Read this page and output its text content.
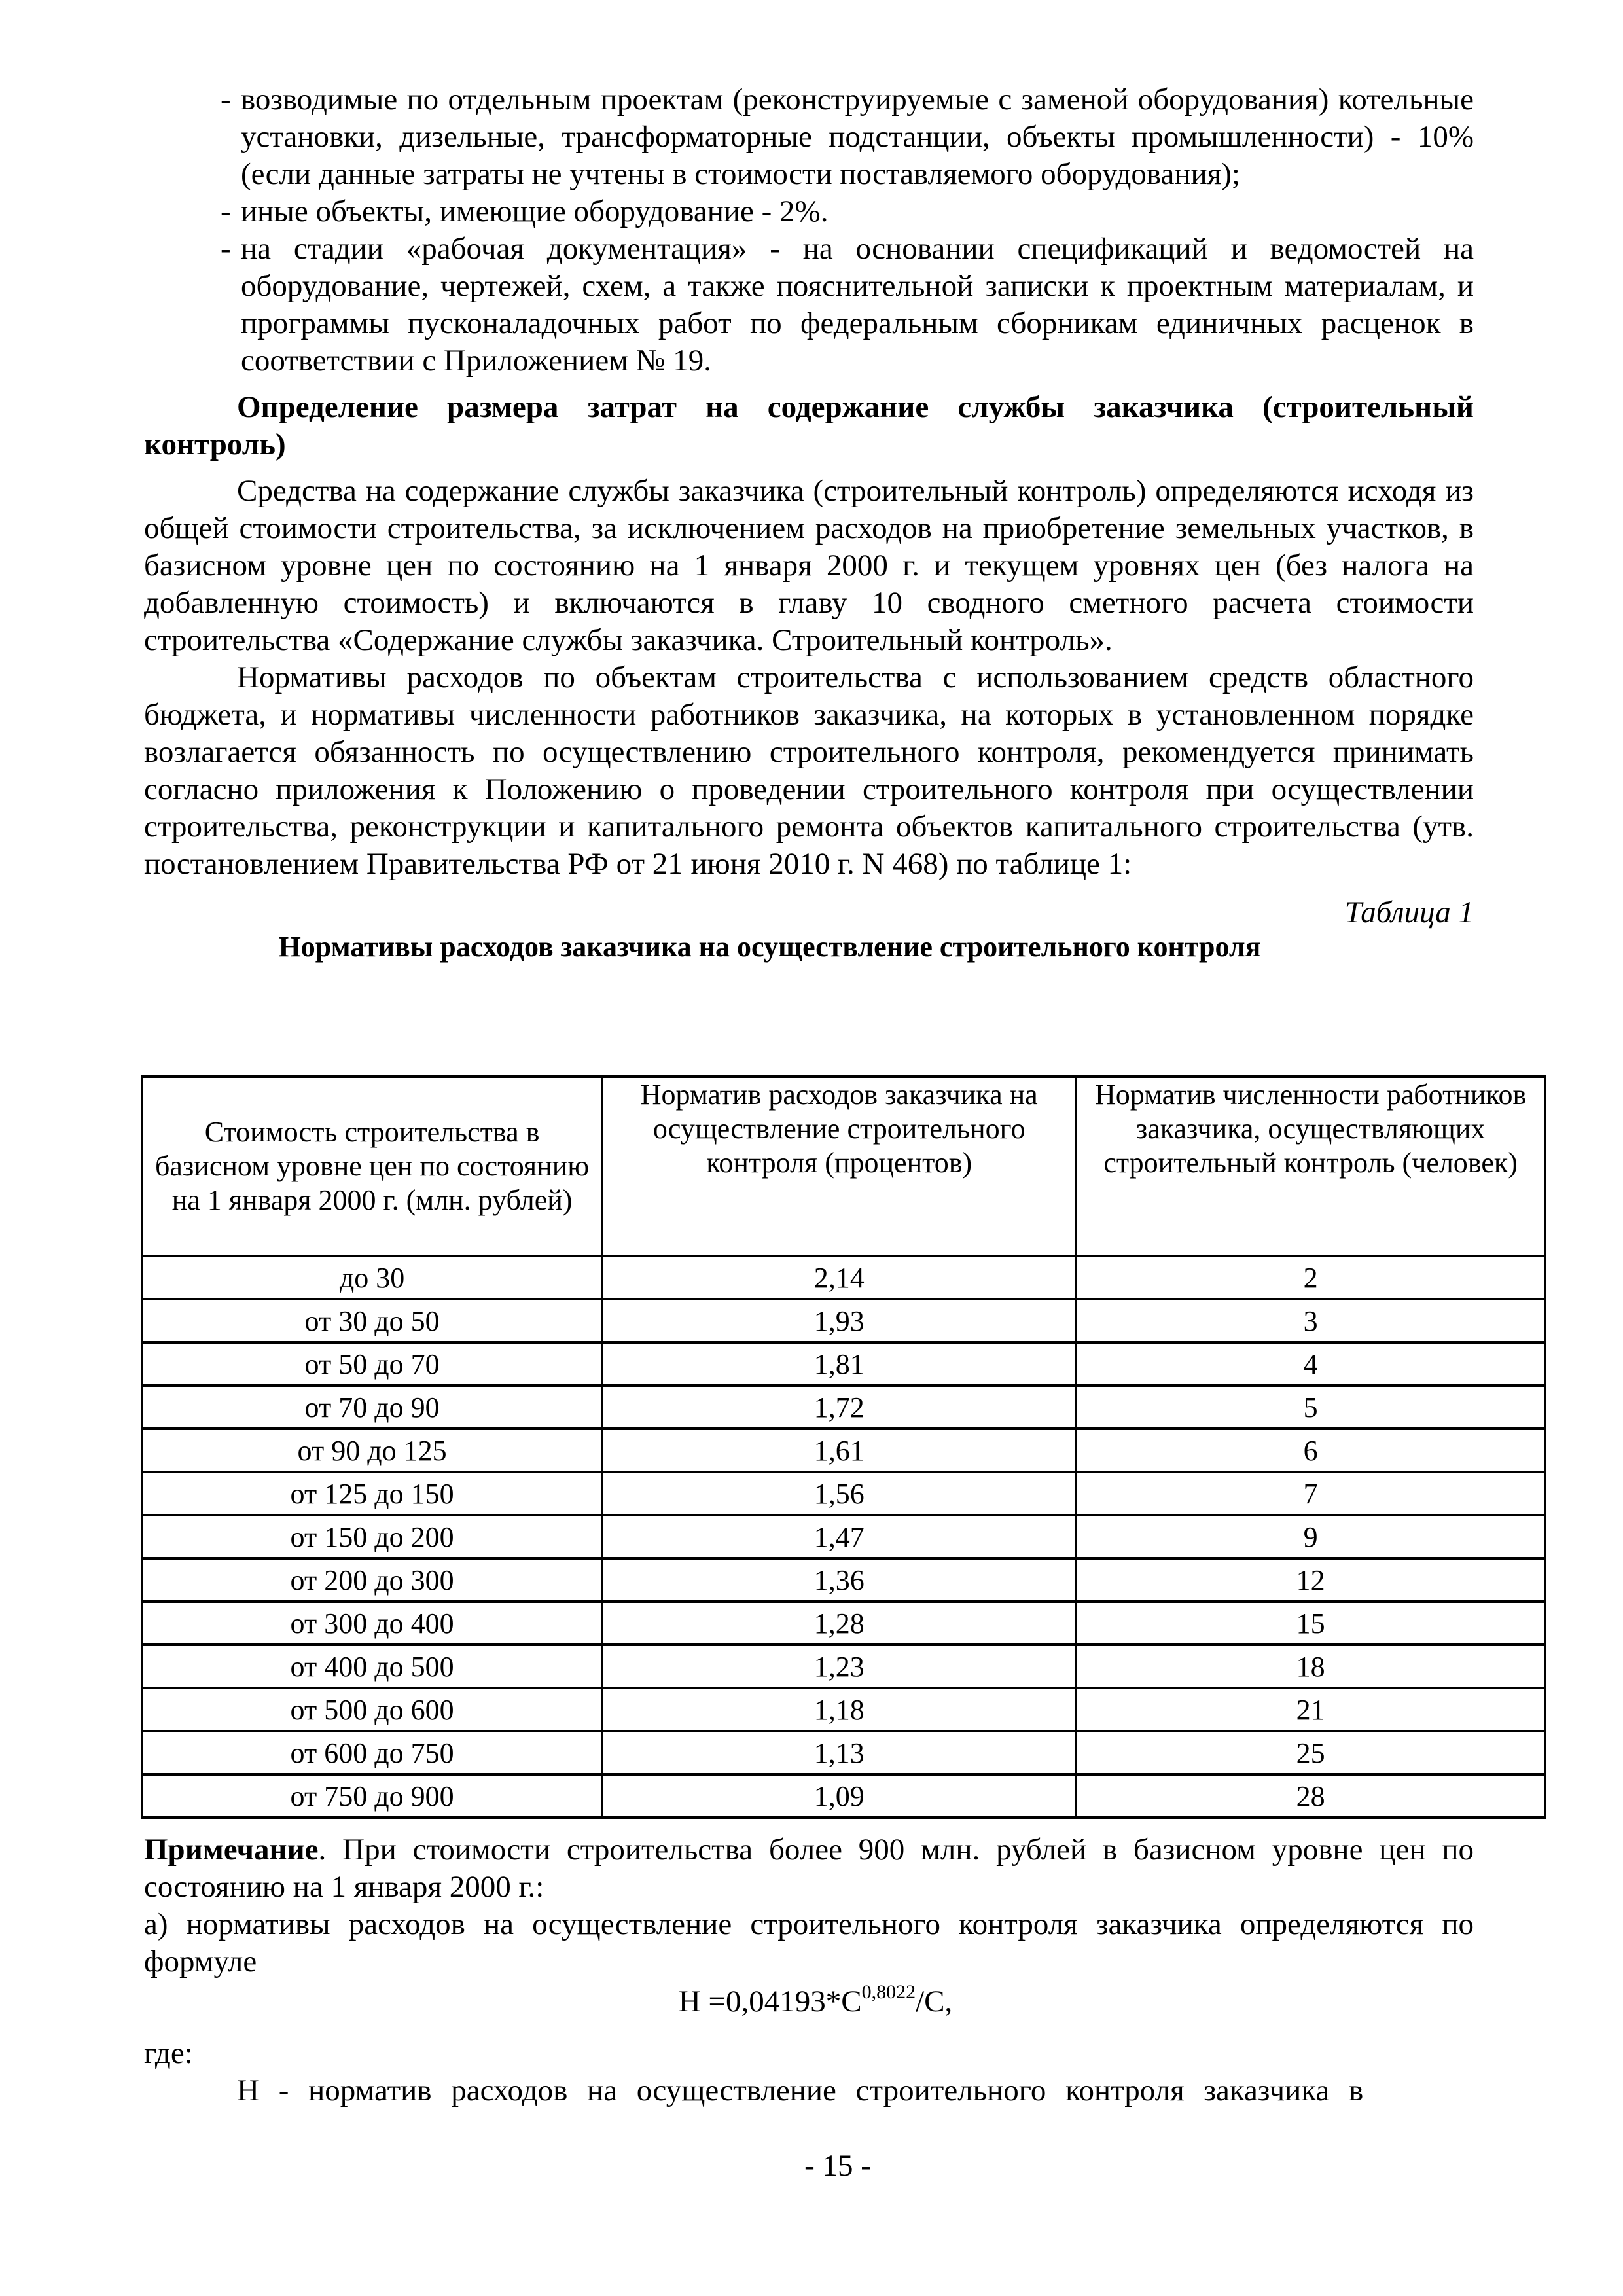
- возводимые по отдельным проектам (реконструируемые с заменой оборудования) котельные установки, дизельные, трансформаторные подстанции, объекты промышленности) - 10% (если данные затраты не учтены в стоимости поставляемого оборудования);
- иные объекты, имеющие оборудование - 2%.
- на стадии «рабочая документация» - на основании спецификаций и ведомостей на оборудование, чертежей, схем, а также пояснительной записки к проектным материалам, и программы пусконаладочных работ по федеральным сборникам единичных расценок в соответствии с Приложением № 19.
Определение размера затрат на содержание службы заказчика (строительный контроль)
Средства на содержание службы заказчика (строительный контроль) определяются исходя из общей стоимости строительства, за исключением расходов на приобретение земельных участков, в базисном уровне цен по состоянию на 1 января 2000 г. и текущем уровнях цен (без налога на добавленную стоимость) и включаются в главу 10 сводного сметного расчета стоимости строительства «Содержание службы заказчика. Строительный контроль».
Нормативы расходов по объектам строительства с использованием средств областного бюджета, и нормативы численности работников заказчика, на которых в установленном порядке возлагается обязанность по осуществлению строительного контроля, рекомендуется принимать согласно приложения к Положению о проведении строительного контроля при осуществлении строительства, реконструкции и капитального ремонта объектов капитального строительства (утв. постановлением Правительства РФ от 21 июня 2010 г. N 468) по таблице 1:
Таблица 1
Нормативы расходов заказчика на осуществление строительного контроля
Стоимость строительства в базисном уровне цен по состоянию на 1 января 2000 г. (млн. рублей)	Норматив расходов заказчика на осуществление строительного контроля (процентов)	Норматив численности работников заказчика, осуществляющих строительный контроль (человек)
до 30	2,14	2
от 30 до 50	1,93	3
от 50 до 70	1,81	4
от 70 до 90	1,72	5
от 90 до 125	1,61	6
от 125 до 150	1,56	7
от 150 до 200	1,47	9
от 200 до 300	1,36	12
от 300 до 400	1,28	15
от 400 до 500	1,23	18
от 500 до 600	1,18	21
от 600 до 750	1,13	25
от 750 до 900	1,09	28

Примечание. При стоимости строительства более 900 млн. рублей в базисном уровне цен по состоянию на 1 января 2000 г.:

а) нормативы расходов на осуществление строительного контроля заказчика определяются по формуле

$Н =0,04193*С^{0,8022}/С$,

где:

Н - норматив расходов на осуществление строительного контроля заказчика в

- 15 -
